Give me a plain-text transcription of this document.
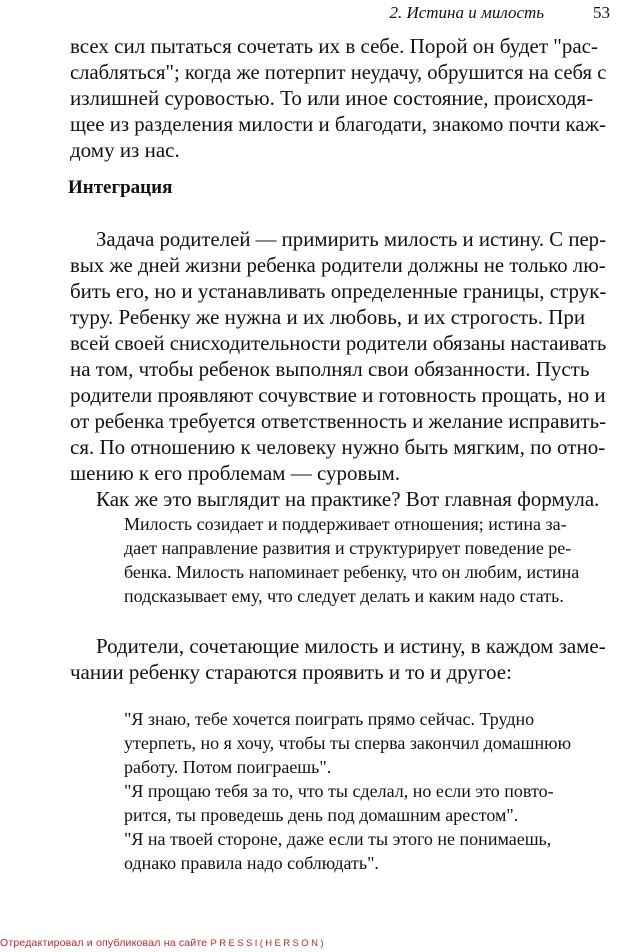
2. Истина и милость	53
всех сил пытаться сочетать их в себе. Порой он будет "рас-
слабляться"; когда же потерпит неудачу, обрушится на себя с
излишней суровостью. То или иное состояние, происходя-
щее из разделения милости и благодати, знакомо почти каж-
дому из нас.
Интеграция
Задача родителей — примирить милость и истину. С пер-
вых же дней жизни ребенка родители должны не только лю-
бить его, но и устанавливать определенные границы, струк-
туру. Ребенку же нужна и их любовь, и их строгость. При
всей своей снисходительности родители обязаны настаивать
на том, чтобы ребенок выполнял свои обязанности. Пусть
родители проявляют сочувствие и готовность прощать, но и
от ребенка требуется ответственность и желание исправить-
ся. По отношению к человеку нужно быть мягким, по отно-
шению к его проблемам — суровым.
Как же это выглядит на практике? Вот главная формула.
Милость созидает и поддерживает отношения; истина за-
дает направление развития и структурирует поведение ре-
бенка. Милость напоминает ребенку, что он любим, истина
подсказывает ему, что следует делать и каким надо стать.
Родители, сочетающие милость и истину, в каждом заме-
чании ребенку стараются проявить и то и другое:
"Я знаю, тебе хочется поиграть прямо сейчас. Трудно
утерпеть, но я хочу, чтобы ты сперва закончил домашнюю
работу. Потом поиграешь".
"Я прощаю тебя за то, что ты сделал, но если это повто-
рится, ты проведешь день под домашним арестом".
"Я на твоей стороне, даже если ты этого не понимаешь,
однако правила надо соблюдать".
Отредактировал и опубликовал на сайте PRESSI(HERSON)
